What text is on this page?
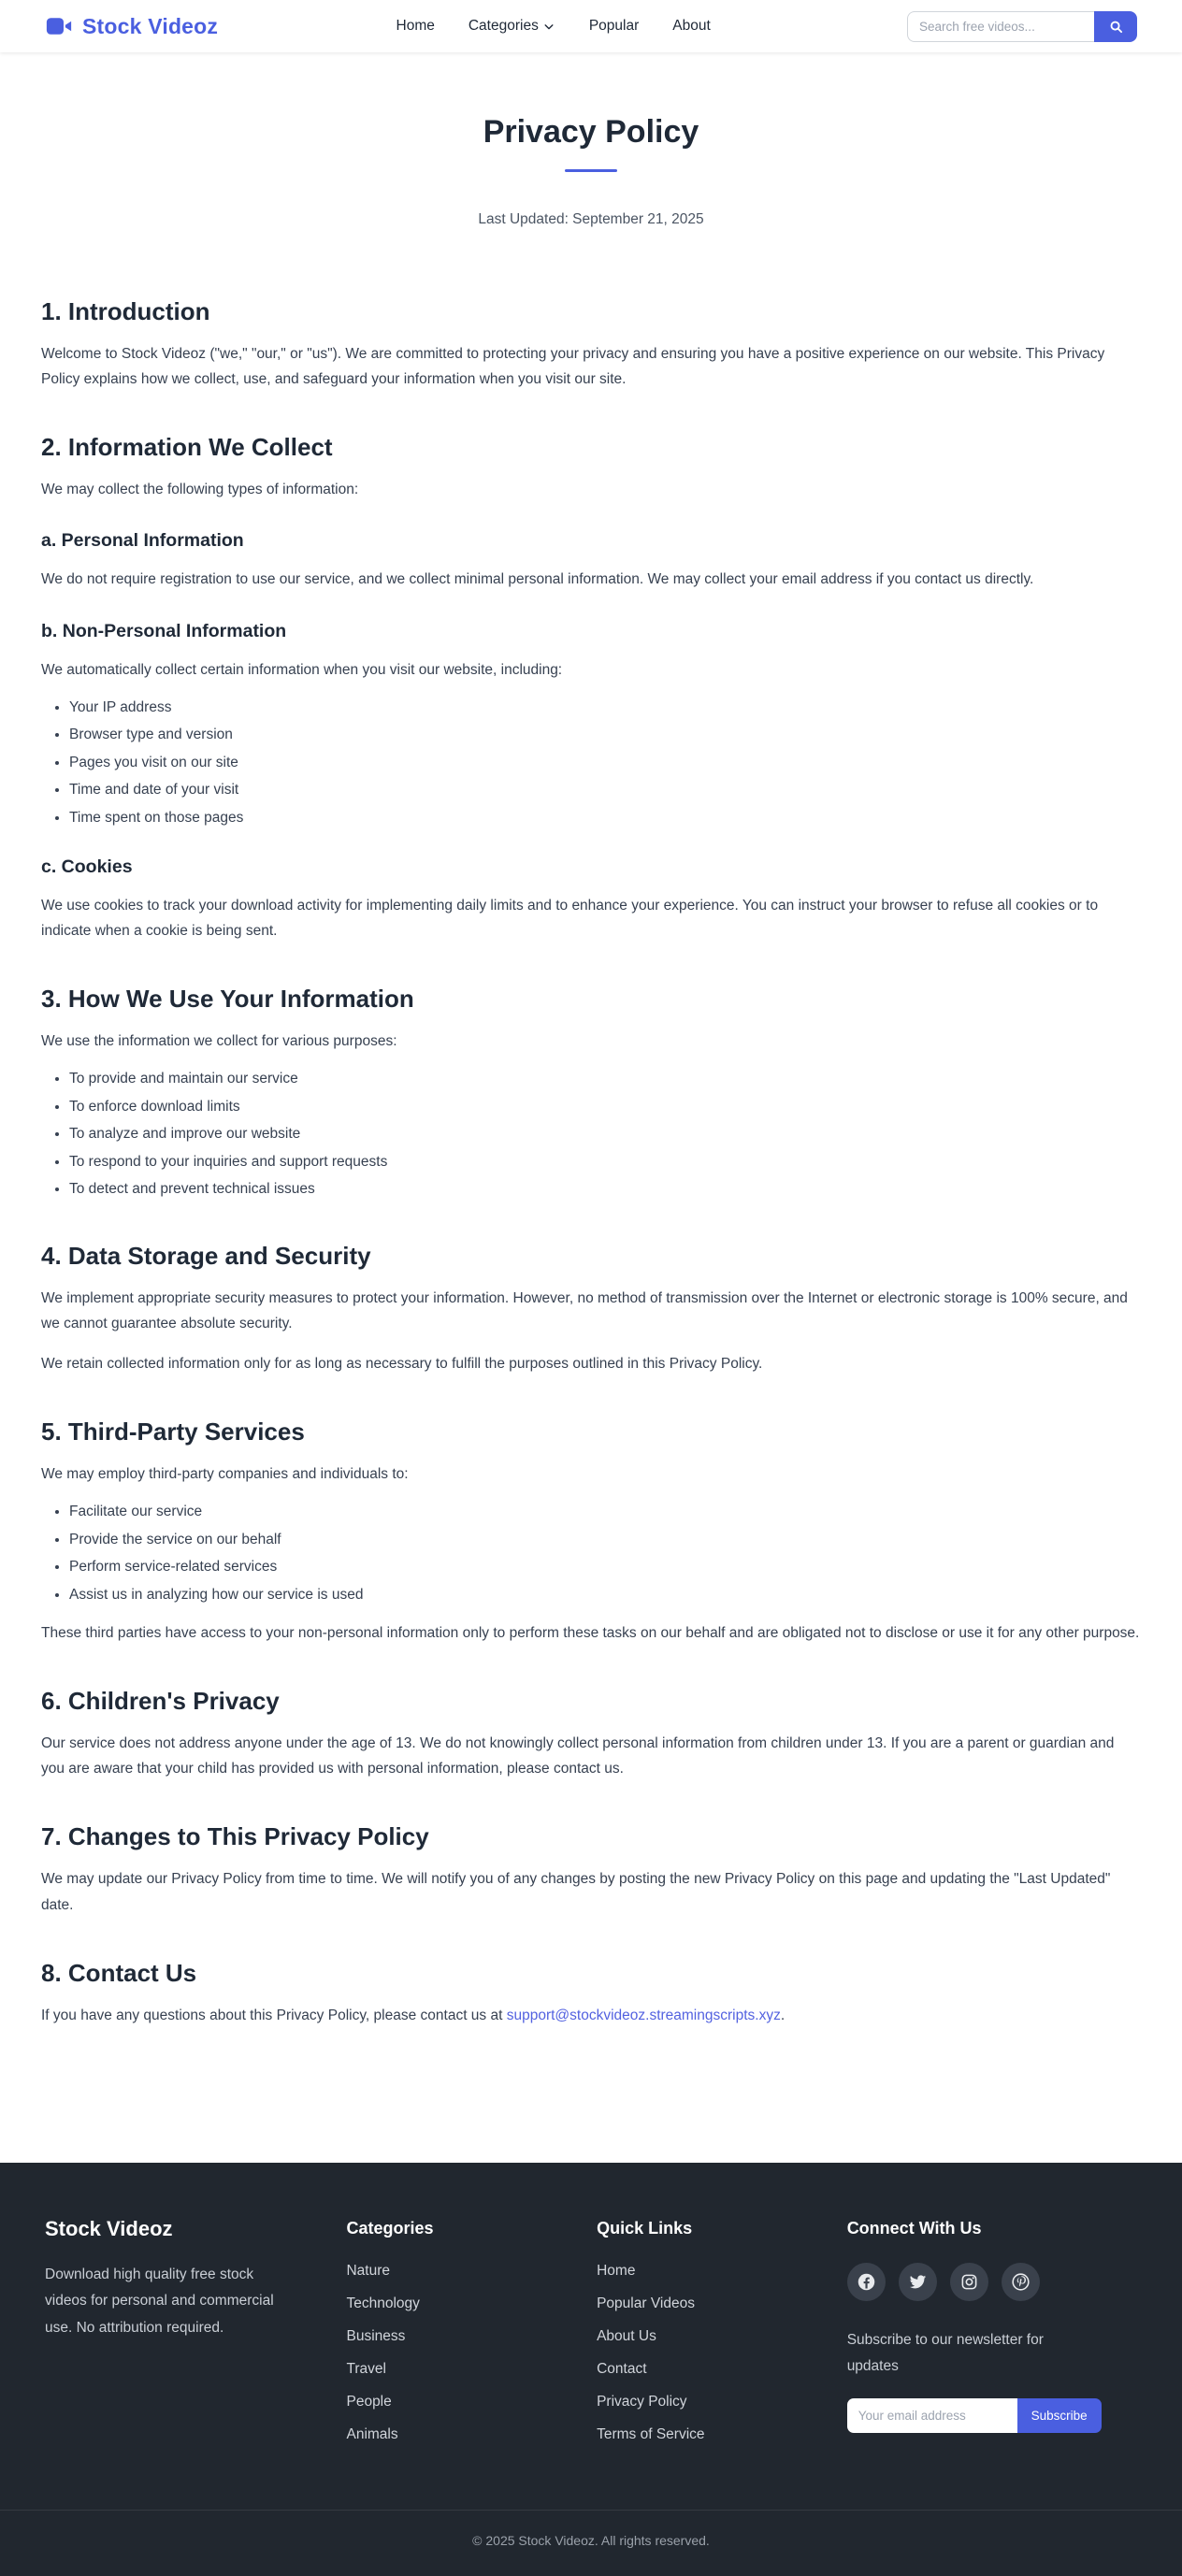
Stock Videoz	Home Categories	Popular About
Search free videos...
Privacy Policy
Last Updated: September 21, 2025
1. Introduction

Welcome to Stock Videoz ("we," "our," or "us"). We are committed to protecting your privacy and ensuring you have a positive experience on our website. This Privacy Policy explains how we collect, use, and safeguard your information when you visit our site.

2. Information We Collect

We may collect the following types of information:

a. Personal Information

We do not require registration to use our service, and we collect minimal personal information. We may collect your email address if you contact us directly.

b. Non-Personal Information

We automatically collect certain information when you visit our website, including:

• Your IP address
• Browser type and version
• Pages you visit on our site
• Time and date of your visit
• Time spent on those pages
c. Cookies

We use cookies to track your download activity for implementing daily limits and to enhance your experience. You can instruct your browser to refuse all cookies or to indicate when a cookie is being sent.

3. How We Use Your Information

We use the information we collect for various purposes:

• To provide and maintain our service
• To enforce download limits
• To analyze and improve our website
• To respond to your inquiries and support requests
• To detect and prevent technical issues
4. Data Storage and Security

We implement appropriate security measures to protect your information. However, no method of transmission over the Internet or electronic storage is 100% secure, and we cannot guarantee absolute security.

We retain collected information only for as long as necessary to fulfill the purposes outlined in this Privacy Policy.

5. Third-Party Services

We may employ third-party companies and individuals to:

• Facilitate our service
• Provide the service on our behalf
• Perform service-related services
• Assist us in analyzing how our service is used

These third parties have access to your non-personal information only to perform these tasks on our behalf and are obligated not to disclose or use it for any other purpose.

6. Children's Privacy

Our service does not address anyone under the age of 13. We do not knowingly collect personal information from children under 13. If you are a parent or guardian and you are aware that your child has provided us with personal information, please contact us.

7. Changes to This Privacy Policy

We may update our Privacy Policy from time to time. We will notify you of any changes by posting the new Privacy Policy on this page and updating the "Last Updated" date.

8. Contact Us

If you have any questions about this Privacy Policy, please contact us at support@stockvideoz.streamingscripts.xyz.

Stock Videoz

Download high quality free stock videos for personal and commercial use. No attribution required.

Categories
Nature
Technology
Business
Travel
People
Animals
Quick Links
Home
Popular Videos
About Us
Contact
Privacy Policy
Terms of Service
Connect With Us

Subscribe to our newsletter for updates

Your email address
Subscribe
© 2025 Stock Videoz. All rights reserved.
